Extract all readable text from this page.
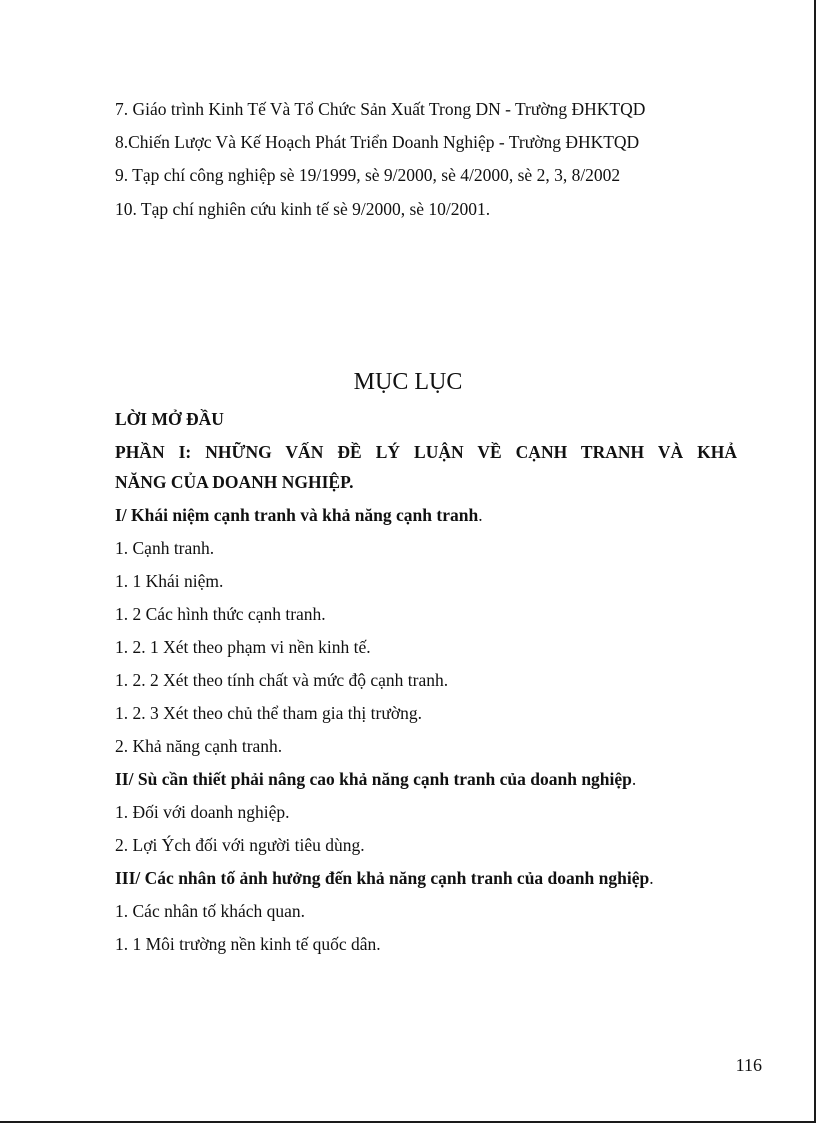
7. Giáo trình Kinh Tế Và Tổ Chức Sản Xuất Trong DN - Trường ĐHKTQD
8.Chiến Lược Và Kế Hoạch Phát Triển Doanh Nghiệp - Trường ĐHKTQD
9. Tạp chí công nghiệp sè 19/1999, sè 9/2000, sè 4/2000, sè 2, 3, 8/2002
10. Tạp chí nghiên cứu kinh tế sè 9/2000, sè 10/2001.
MỤC LỤC
LỜI MỞ ĐẦU
PHẦN I: NHỮNG VẤN ĐỀ LÝ LUẬN VỀ CẠNH TRANH VÀ KHẢ
NĂNG CỦA DOANH NGHIỆP.
I/ Khái niệm cạnh tranh và khả năng cạnh tranh.
1. Cạnh tranh.
1. 1 Khái niệm.
1. 2 Các hình thức cạnh tranh.
1. 2. 1 Xét theo phạm vi nền kinh tế.
1. 2. 2 Xét theo tính chất và mức độ cạnh tranh.
1. 2. 3 Xét theo chủ thể tham gia thị trường.
2. Khả năng cạnh tranh.
II/ Sù cần thiết phải nâng cao khả năng cạnh tranh của doanh nghiệp.
1. Đối với doanh nghiệp.
2. Lợi Ých đối với người tiêu dùng.
III/ Các nhân tố ảnh hưởng đến khả năng cạnh tranh của doanh nghiệp.
1. Các nhân tố khách quan.
1. 1 Môi trường nền kinh tế quốc dân.
116
